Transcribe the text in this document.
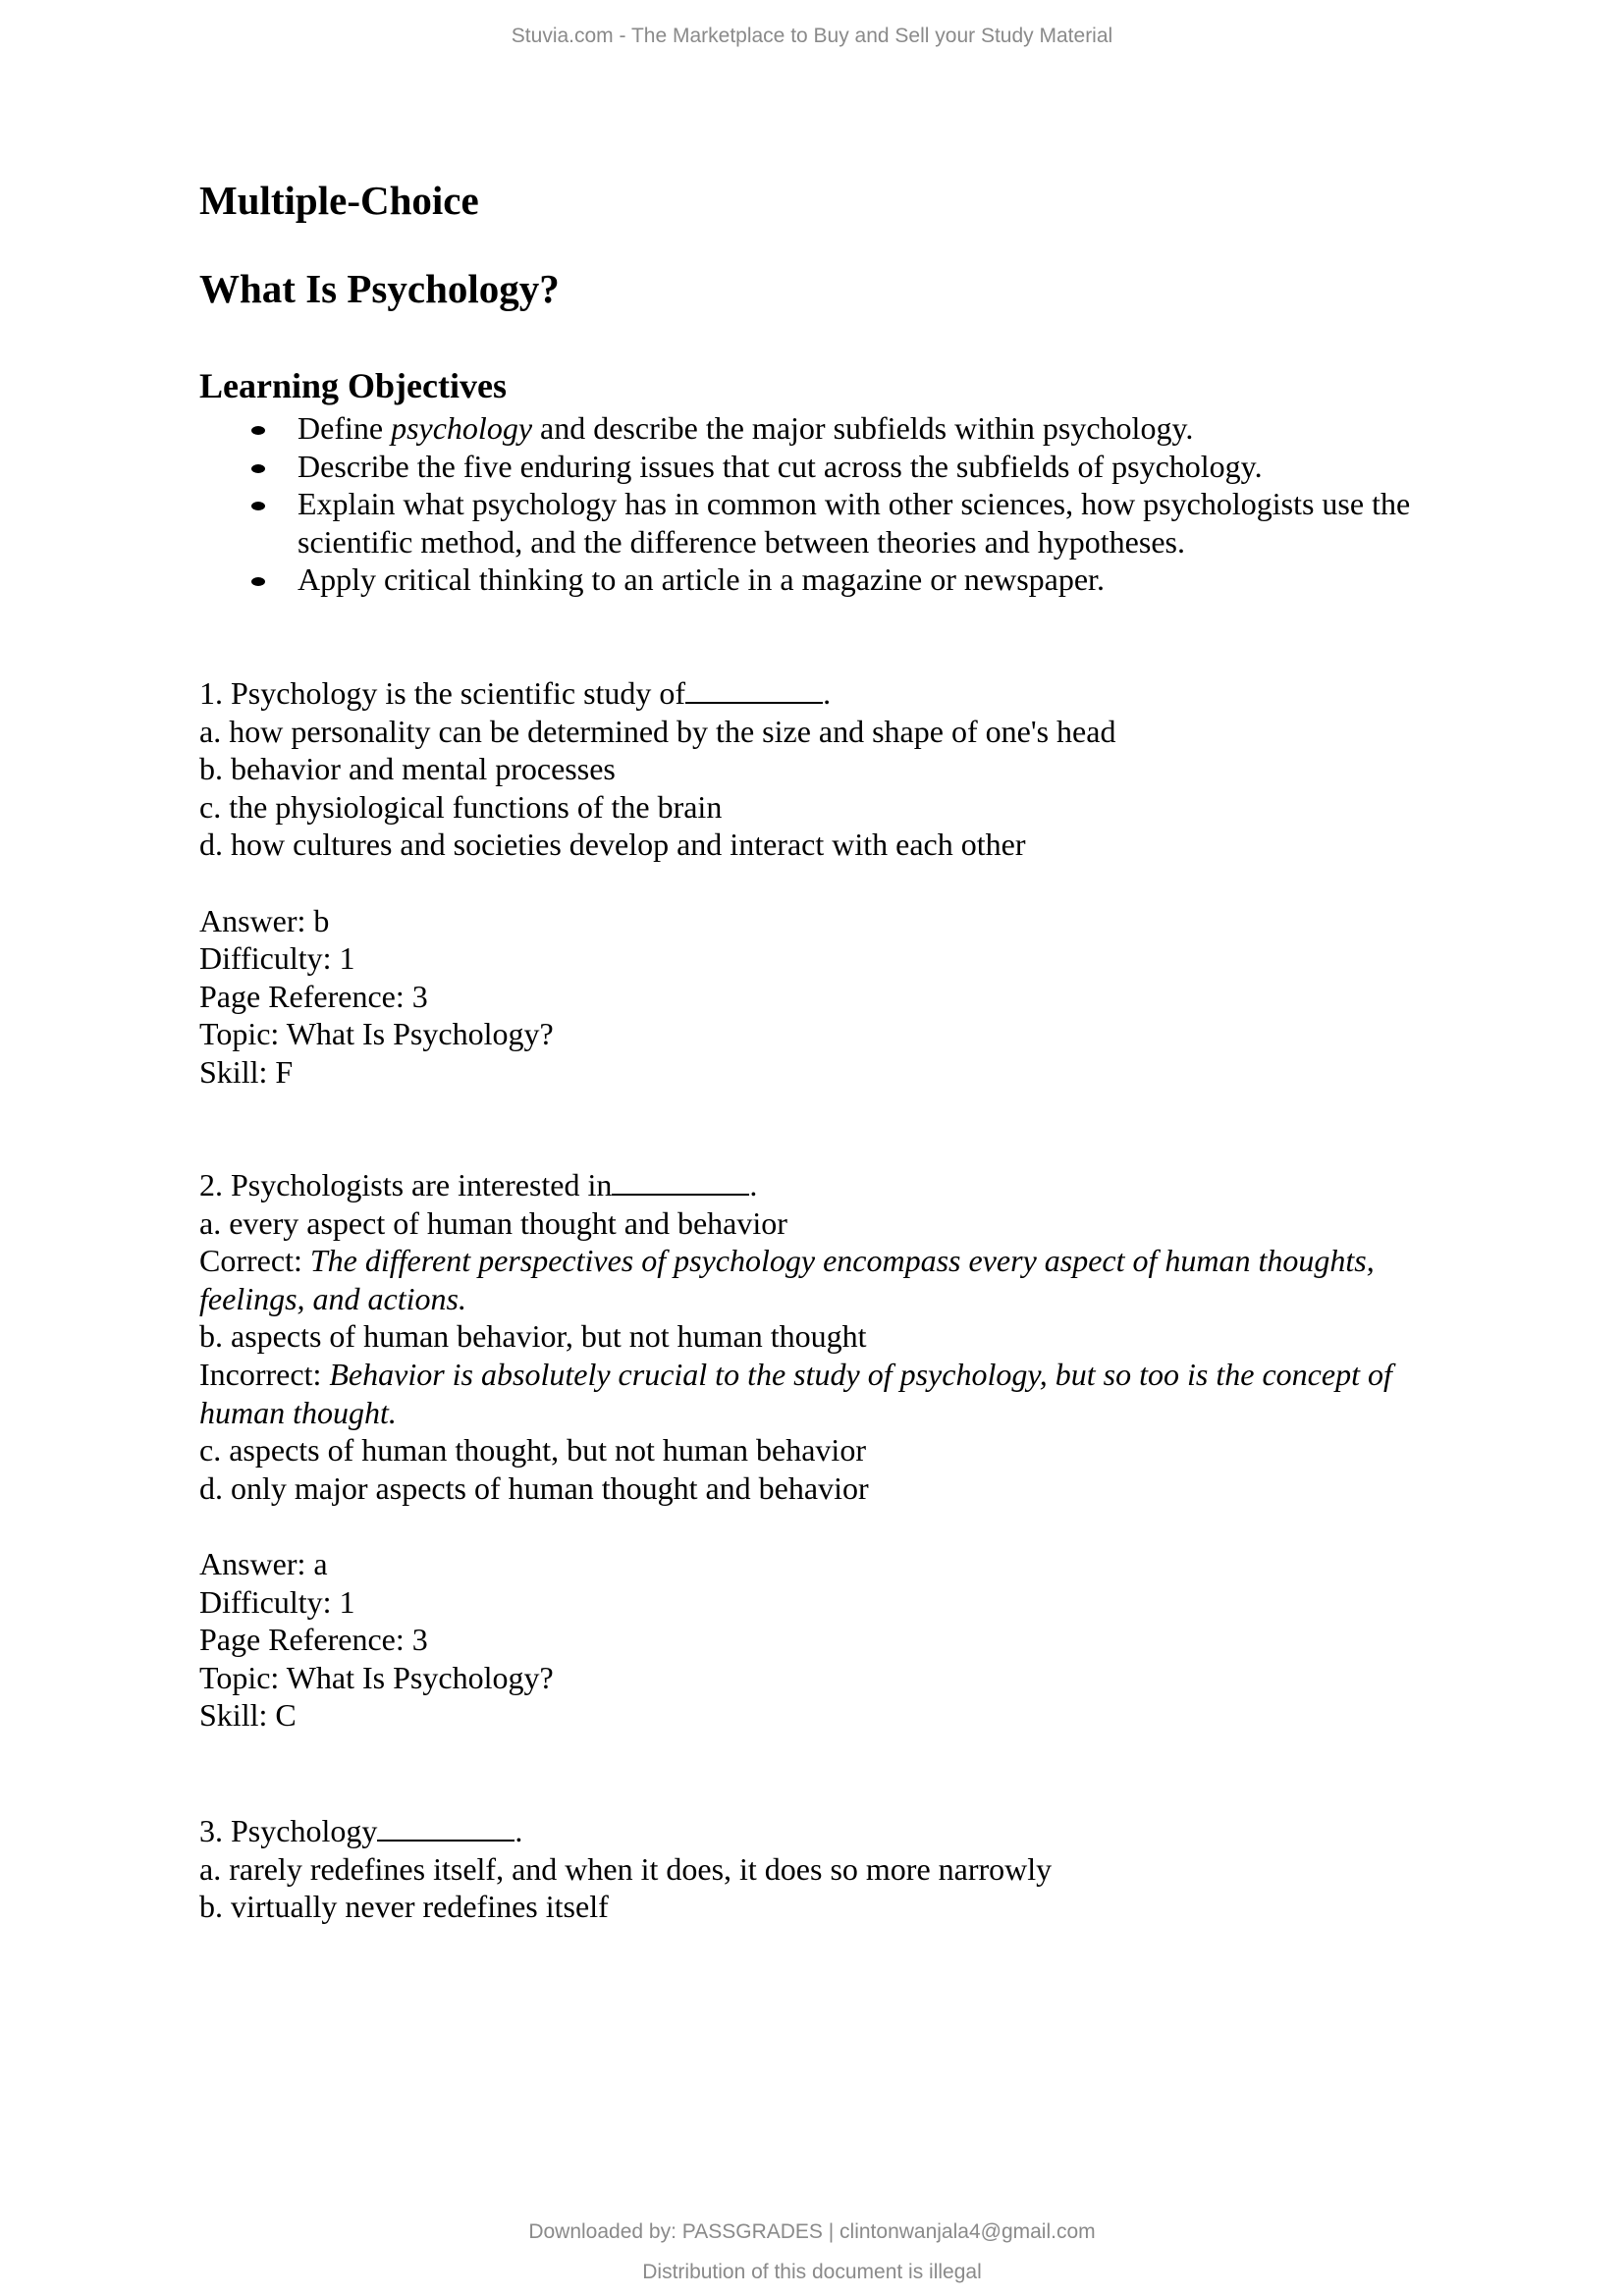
Stuvia.com - The Marketplace to Buy and Sell your Study Material
Multiple-Choice
What Is Psychology?
Learning Objectives
Define psychology and describe the major subfields within psychology.
Describe the five enduring issues that cut across the subfields of psychology.
Explain what psychology has in common with other sciences, how psychologists use the scientific method, and the difference between theories and hypotheses.
Apply critical thinking to an article in a magazine or newspaper.
1. Psychology is the scientific study of	.
a. how personality can be determined by the size and shape of one's head
b. behavior and mental processes
c. the physiological functions of the brain
d. how cultures and societies develop and interact with each other

Answer: b
Difficulty: 1
Page Reference: 3
Topic: What Is Psychology?
Skill: F
2. Psychologists are interested in	.
a. every aspect of human thought and behavior
Correct: The different perspectives of psychology encompass every aspect of human thoughts, feelings, and actions.
b. aspects of human behavior, but not human thought
Incorrect: Behavior is absolutely crucial to the study of psychology, but so too is the concept of human thought.
c. aspects of human thought, but not human behavior
d. only major aspects of human thought and behavior

Answer: a
Difficulty: 1
Page Reference: 3
Topic: What Is Psychology?
Skill: C
3. Psychology	.
a. rarely redefines itself, and when it does, it does so more narrowly
b. virtually never redefines itself
Downloaded by: PASSGRADES | clintonwanjala4@gmail.com
Distribution of this document is illegal
